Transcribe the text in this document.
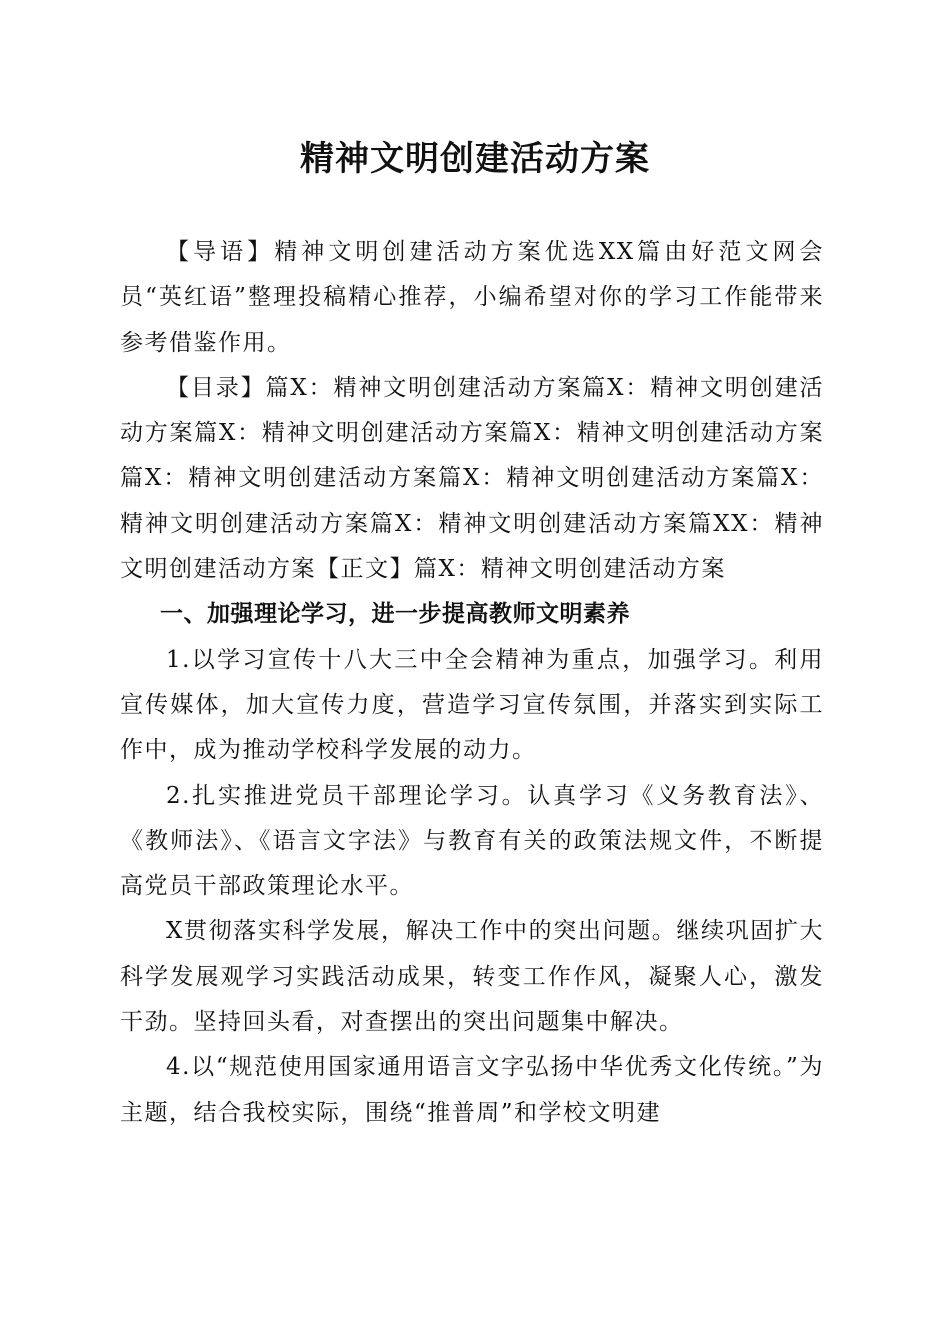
精神文明创建活动方案

【导语】精神文明创建活动方案优选XX篇由好范文网会员“英红语”整理投稿精心推荐，小编希望对你的学习工作能带来参考借鉴作用。

【目录】篇X：精神文明创建活动方案篇X：精神文明创建活动方案篇X：精神文明创建活动方案篇X：精神文明创建活动方案篇X：精神文明创建活动方案篇X：精神文明创建活动方案篇X：精神文明创建活动方案篇X：精神文明创建活动方案篇XX：精神文明创建活动方案【正文】篇X：精神文明创建活动方案

一、加强理论学习，进一步提高教师文明素养

1.以学习宣传十八大三中全会精神为重点，加强学习。利用宣传媒体，加大宣传力度，营造学习宣传氛围，并落实到实际工作中，成为推动学校科学发展的动力。

2.扎实推进党员干部理论学习。认真学习《义务教育法》、《教师法》、《语言文字法》与教育有关的政策法规文件，不断提高党员干部政策理论水平。

X贯彻落实科学发展，解决工作中的突出问题。继续巩固扩大科学发展观学习实践活动成果，转变工作作风，凝聚人心，激发干劲。坚持回头看，对查摆出的突出问题集中解决。

4.以“规范使用国家通用语言文字弘扬中华优秀文化传统。”为主题，结合我校实际，围绕“推普周”和学校文明建
